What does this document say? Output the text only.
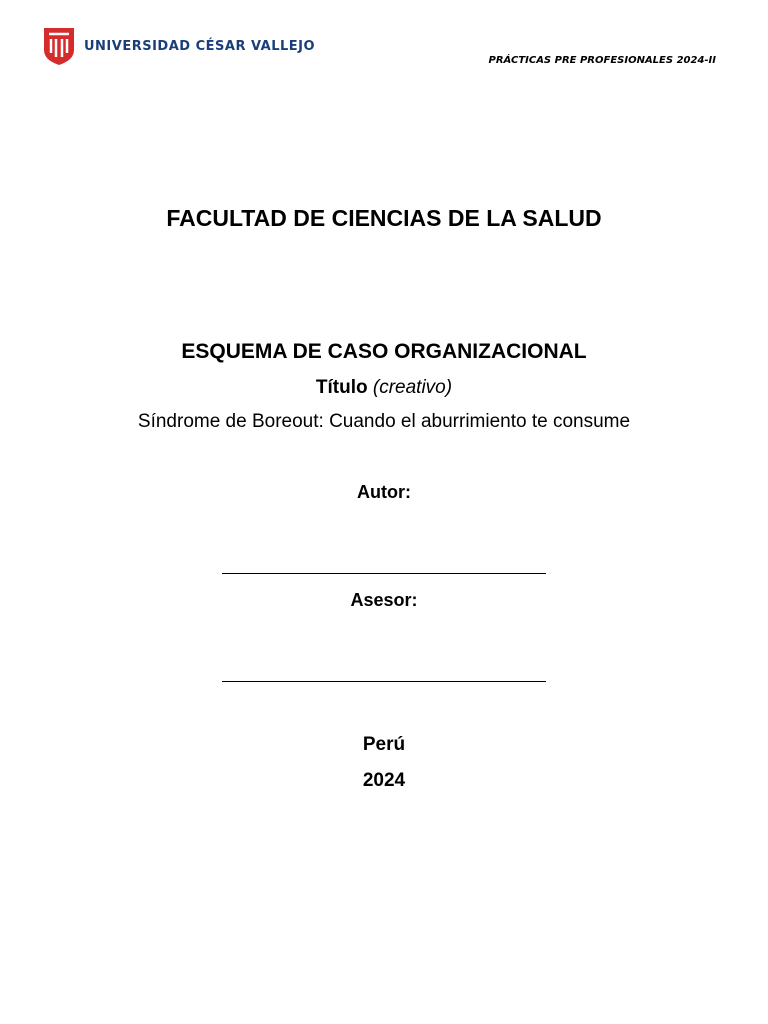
UNIVERSIDAD CÉSAR VALLEJO
PRÁCTICAS PRE PROFESIONALES 2024-II
FACULTAD DE CIENCIAS DE LA SALUD
ESQUEMA DE CASO ORGANIZACIONAL
Título (creativo)
Síndrome de Boreout: Cuando el aburrimiento te consume
Autor:
Asesor:
Perú
2024
